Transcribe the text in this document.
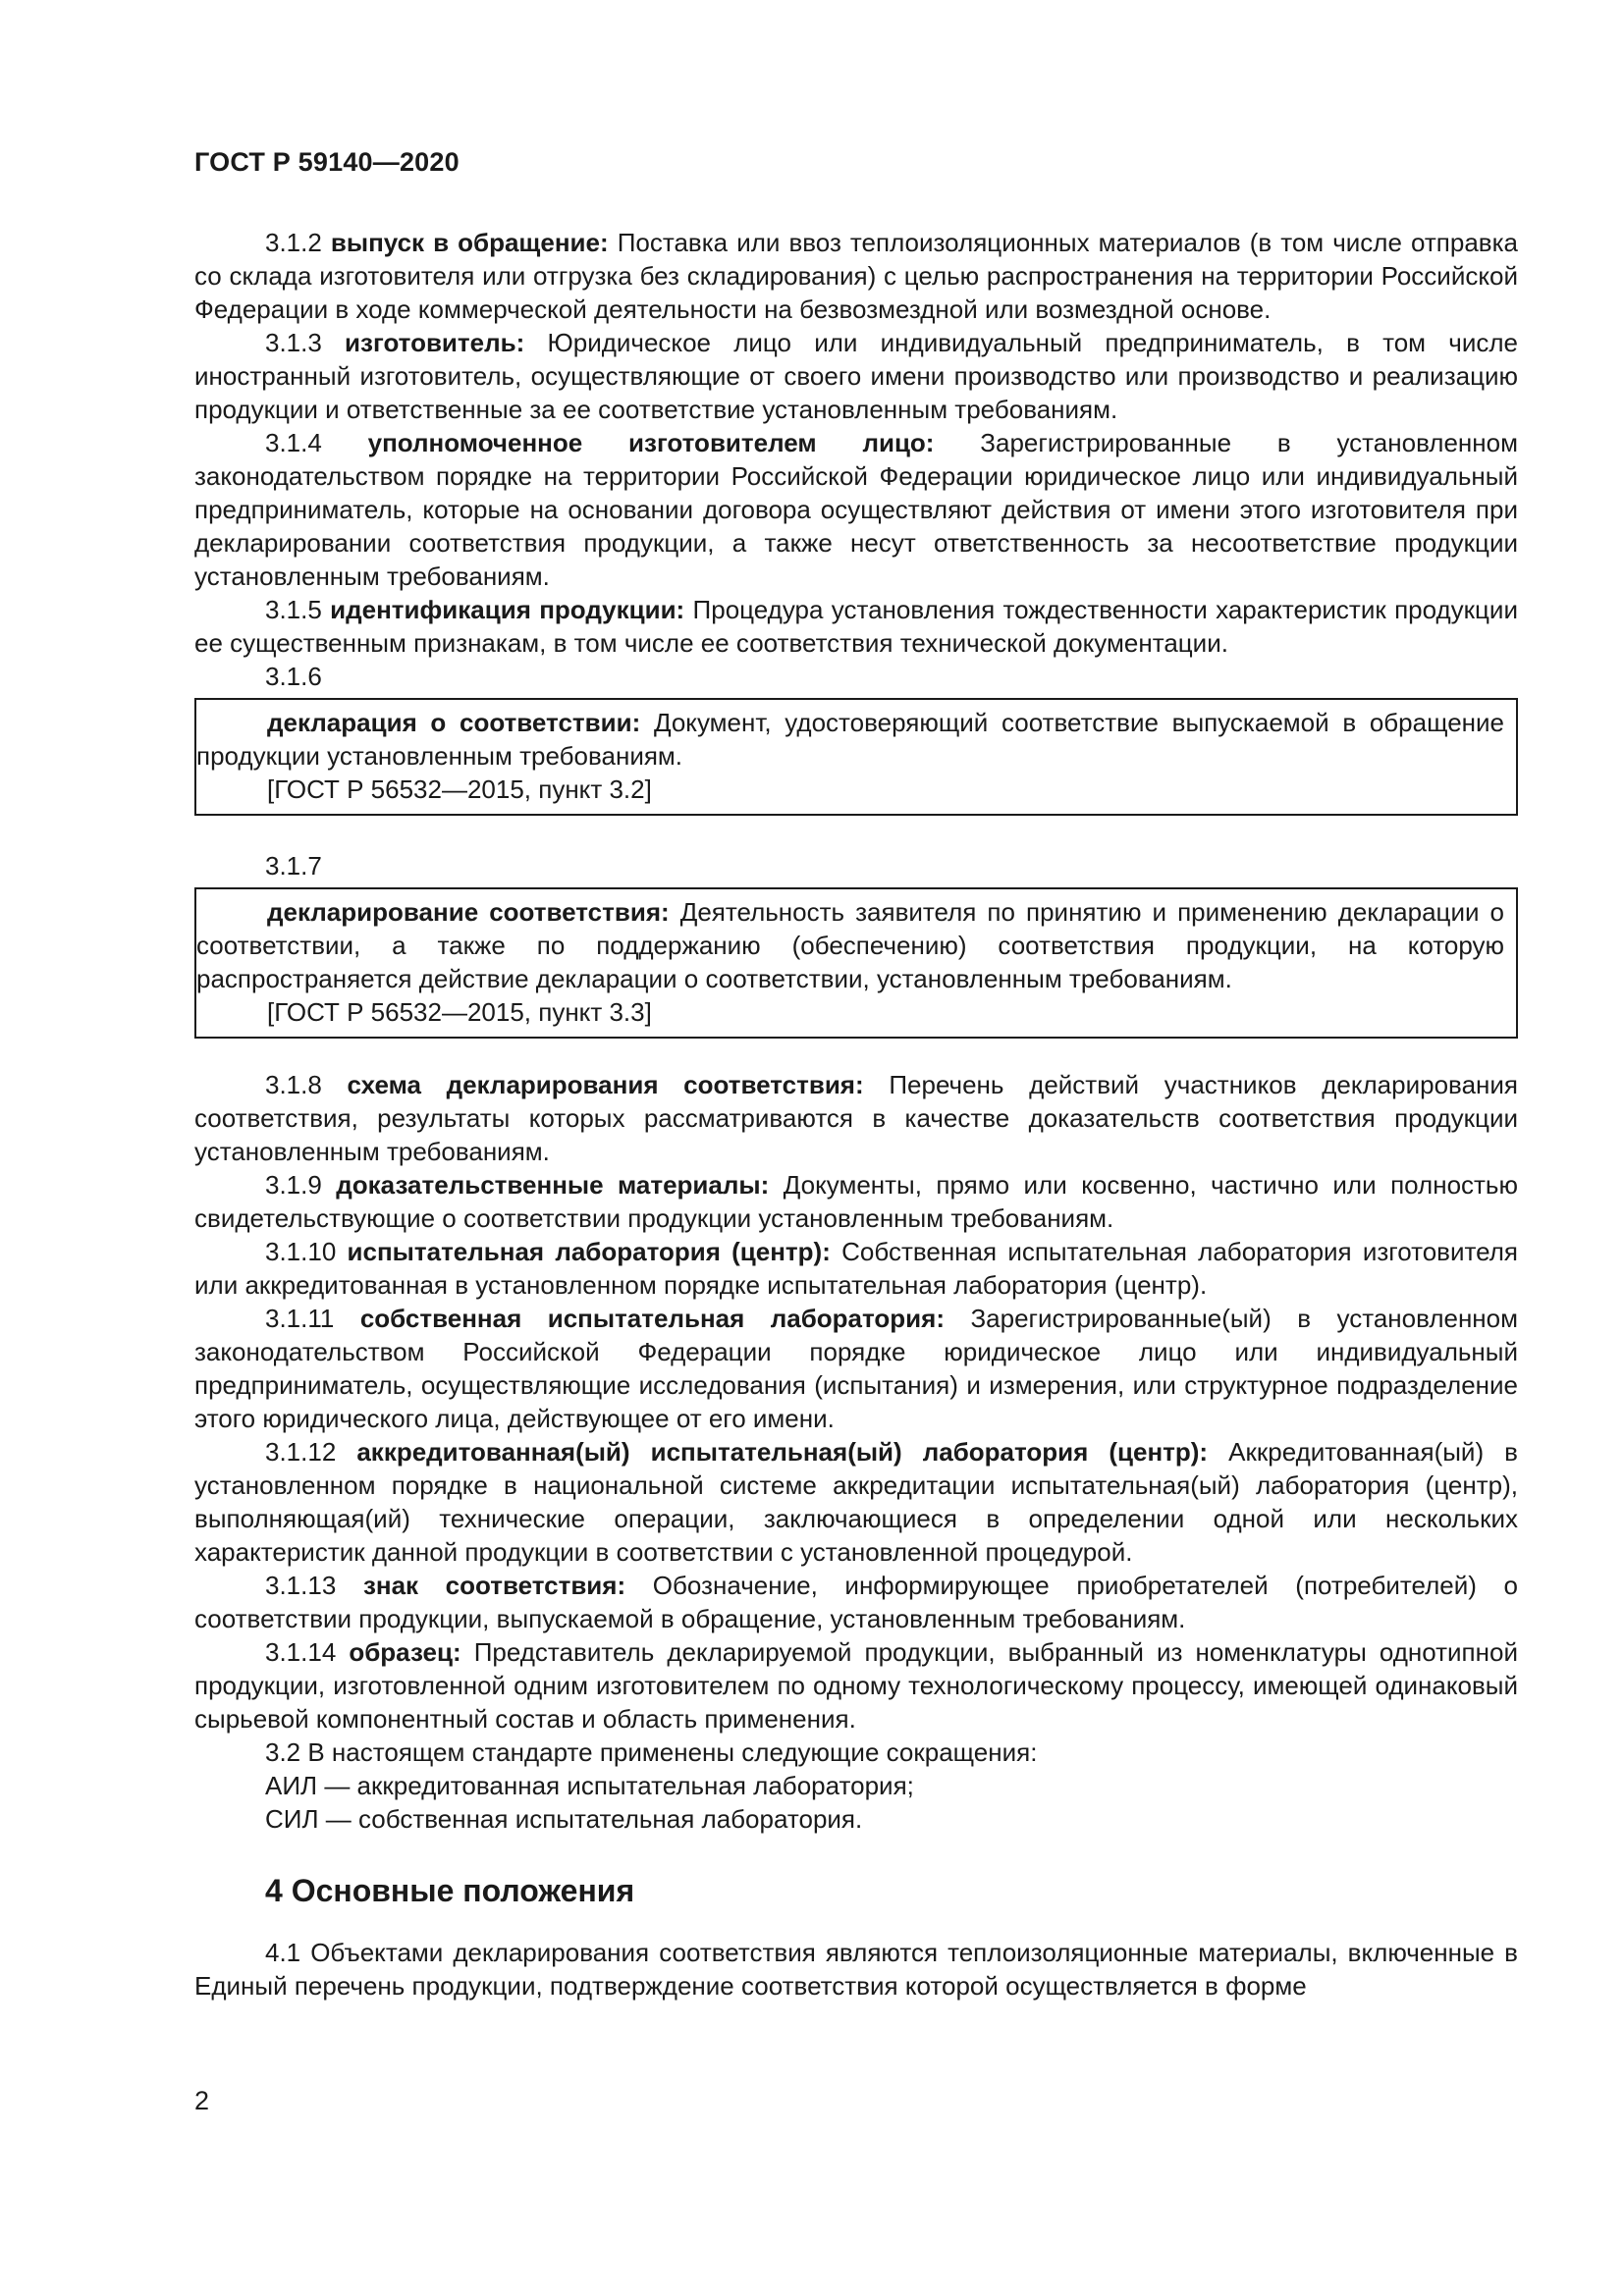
ГОСТ Р 59140—2020

3.1.2 выпуск в обращение: Поставка или ввоз теплоизоляционных материалов (в том числе отправка со склада изготовителя или отгрузка без складирования) с целью распространения на территории Российской Федерации в ходе коммерческой деятельности на безвозмездной или возмездной основе.

3.1.3 изготовитель: Юридическое лицо или индивидуальный предприниматель, в том числе иностранный изготовитель, осуществляющие от своего имени производство или производство и реализацию продукции и ответственные за ее соответствие установленным требованиям.

3.1.4 уполномоченное изготовителем лицо: Зарегистрированные в установленном законодательством порядке на территории Российской Федерации юридическое лицо или индивидуальный предприниматель, которые на основании договора осуществляют действия от имени этого изготовителя при декларировании соответствия продукции, а также несут ответственность за несоответствие продукции установленным требованиям.

3.1.5 идентификация продукции: Процедура установления тождественности характеристик продукции ее существенным признакам, в том числе ее соответствия технической документации.

3.1.6

декларация о соответствии: Документ, удостоверяющий соответствие выпускаемой в обращение продукции установленным требованиям.

[ГОСТ Р 56532—2015, пункт 3.2]

3.1.7

декларирование соответствия: Деятельность заявителя по принятию и применению декларации о соответствии, а также по поддержанию (обеспечению) соответствия продукции, на которую распространяется действие декларации о соответствии, установленным требованиям.

[ГОСТ Р 56532—2015, пункт 3.3]

3.1.8 схема декларирования соответствия: Перечень действий участников декларирования соответствия, результаты которых рассматриваются в качестве доказательств соответствия продукции установленным требованиям.

3.1.9 доказательственные материалы: Документы, прямо или косвенно, частично или полностью свидетельствующие о соответствии продукции установленным требованиям.

3.1.10 испытательная лаборатория (центр): Собственная испытательная лаборатория изготовителя или аккредитованная в установленном порядке испытательная лаборатория (центр).

3.1.11 собственная испытательная лаборатория: Зарегистрированные(ый) в установленном законодательством Российской Федерации порядке юридическое лицо или индивидуальный предприниматель, осуществляющие исследования (испытания) и измерения, или структурное подразделение этого юридического лица, действующее от его имени.

3.1.12 аккредитованная(ый) испытательная(ый) лаборатория (центр): Аккредитованная(ый) в установленном порядке в национальной системе аккредитации испытательная(ый) лаборатория (центр), выполняющая(ий) технические операции, заключающиеся в определении одной или нескольких характеристик данной продукции в соответствии с установленной процедурой.

3.1.13 знак соответствия: Обозначение, информирующее приобретателей (потребителей) о соответствии продукции, выпускаемой в обращение, установленным требованиям.

3.1.14 образец: Представитель декларируемой продукции, выбранный из номенклатуры однотипной продукции, изготовленной одним изготовителем по одному технологическому процессу, имеющей одинаковый сырьевой компонентный состав и область применения.

3.2 В настоящем стандарте применены следующие сокращения:

АИЛ — аккредитованная испытательная лаборатория;

СИЛ — собственная испытательная лаборатория.

4 Основные положения

4.1 Объектами декларирования соответствия являются теплоизоляционные материалы, включенные в Единый перечень продукции, подтверждение соответствия которой осуществляется в форме

2
